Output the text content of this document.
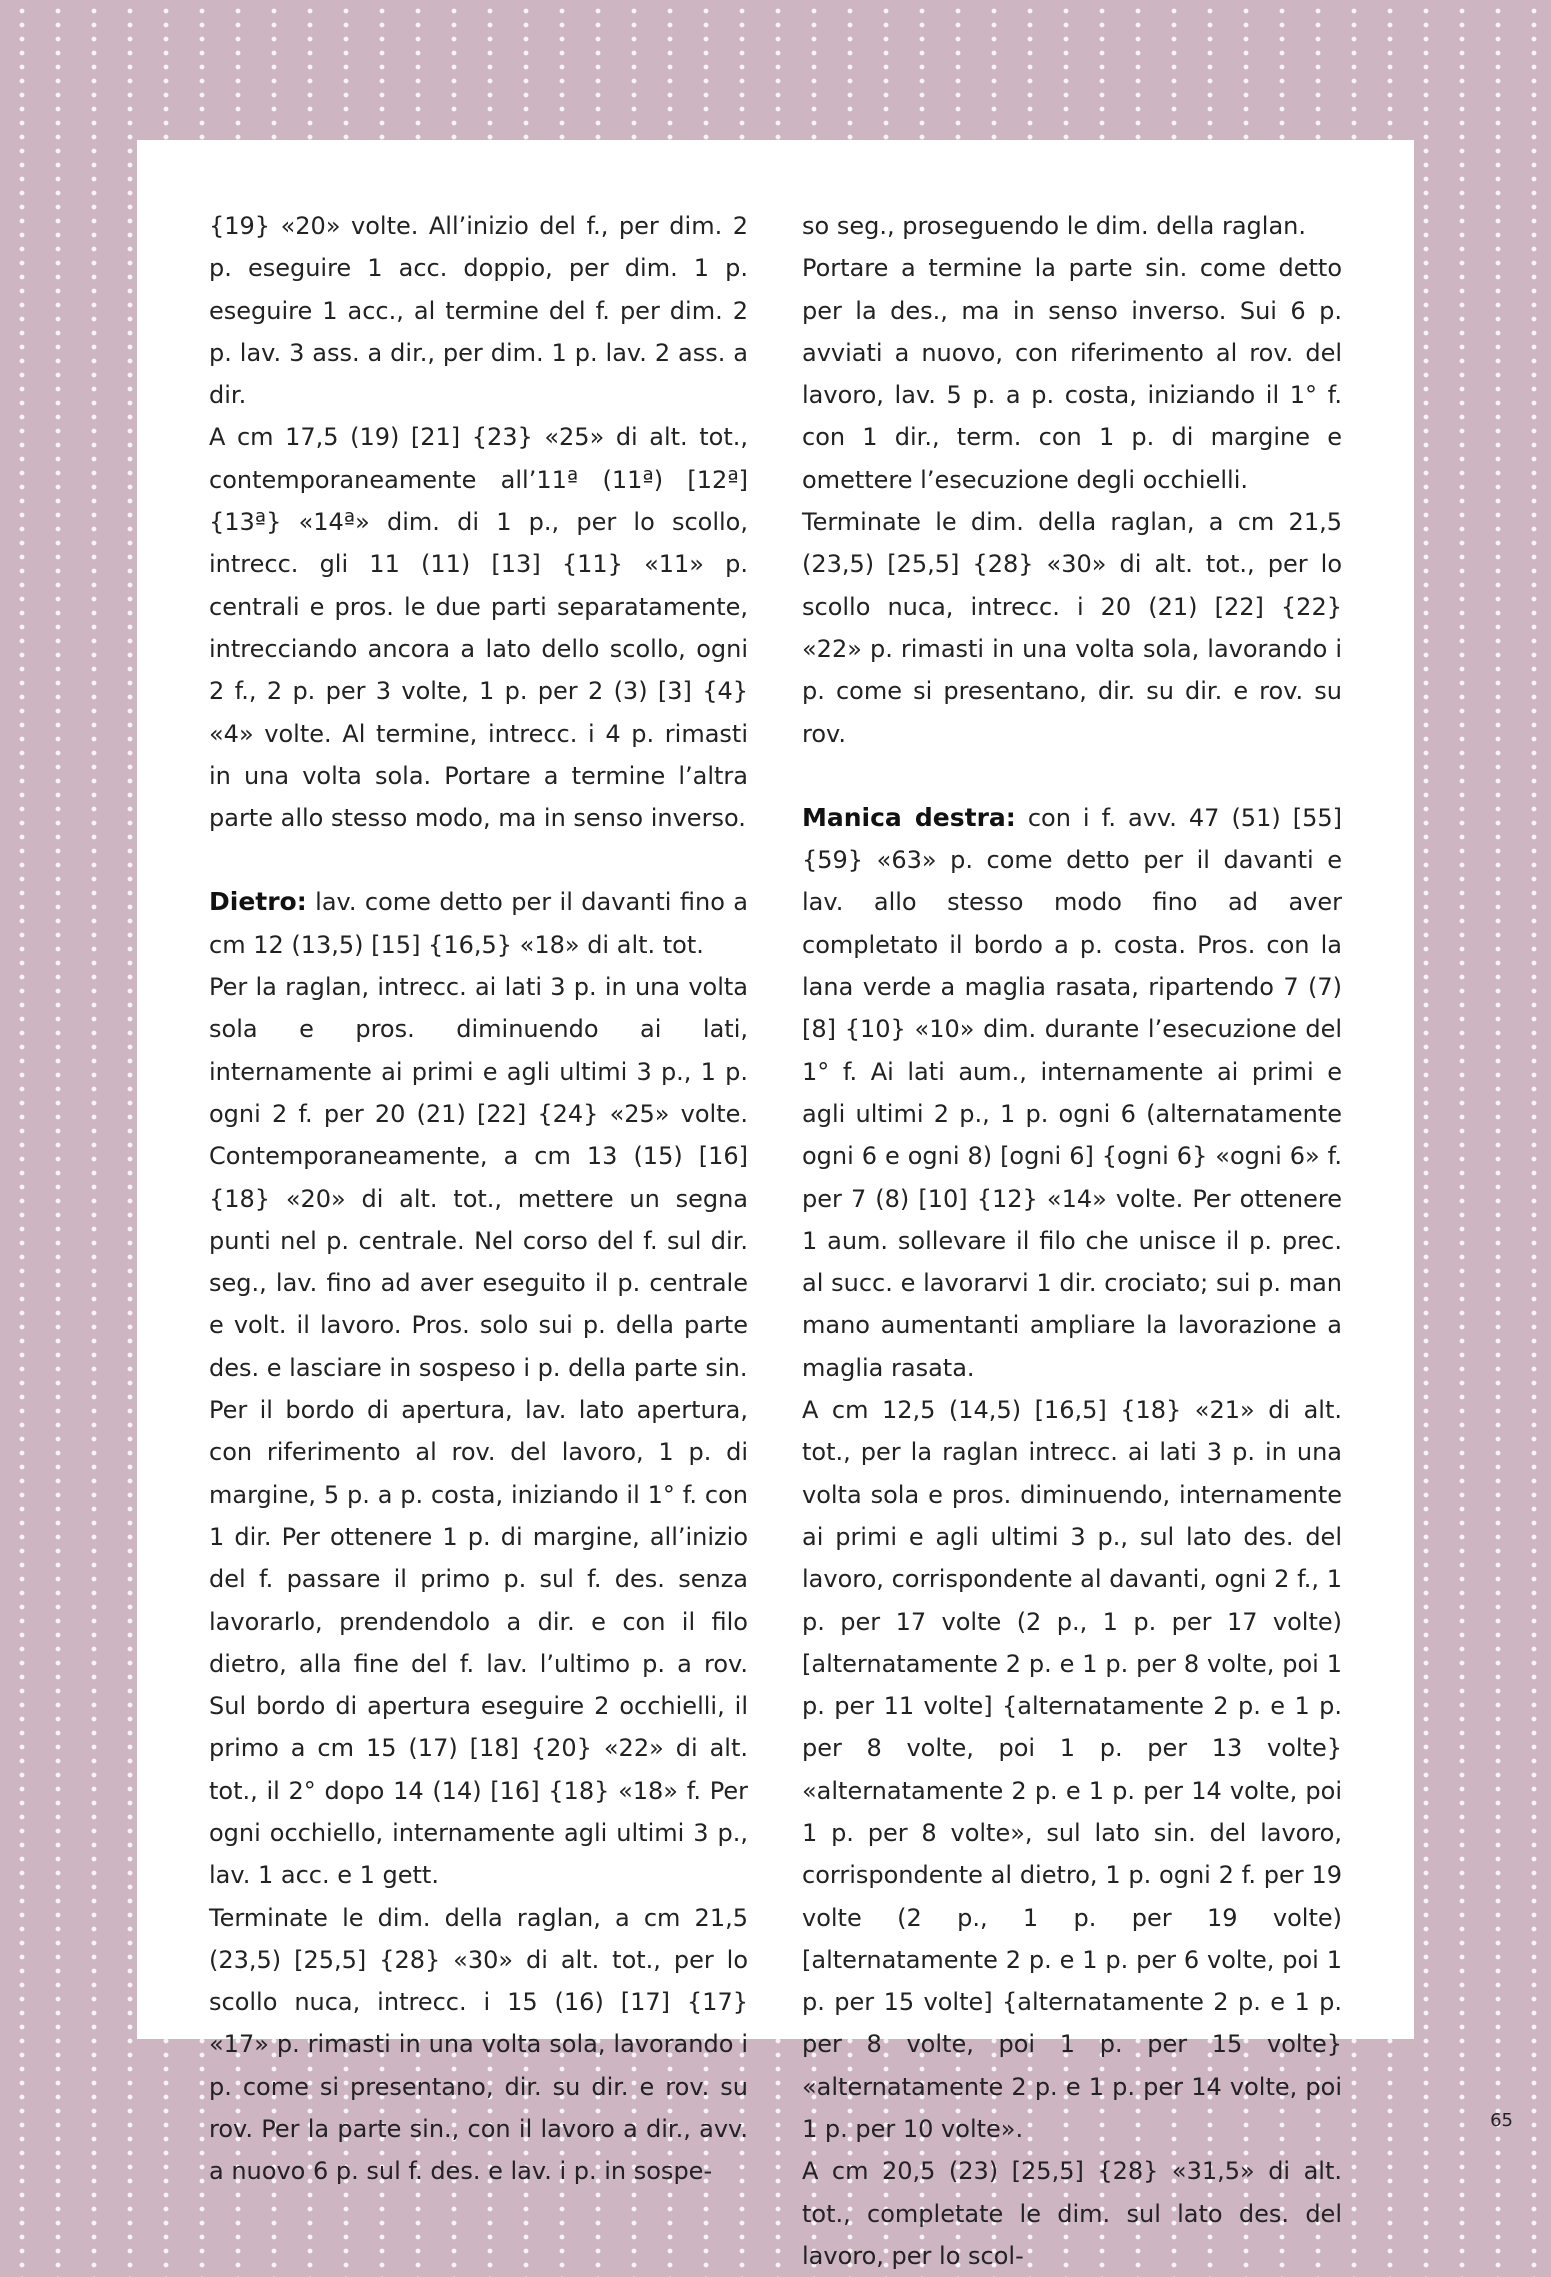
{19} «20» volte. All’inizio del f., per dim. 2 p. eseguire 1 acc. doppio, per dim. 1 p. eseguire 1 acc., al termine del f. per dim. 2 p. lav. 3 ass. a dir., per dim. 1 p. lav. 2 ass. a dir.

A cm 17,5 (19) [21] {23} «25» di alt. tot., contemporaneamente all’11ª (11ª) [12ª] {13ª} «14ª» dim. di 1 p., per lo scollo, intrecc. gli 11 (11) [13] {11} «11» p. centrali e pros. le due parti separatamente, intrecciando ancora a lato dello scollo, ogni 2 f., 2 p. per 3 volte, 1 p. per 2 (3) [3] {4} «4» volte. Al termine, intrecc. i 4 p. rimasti in una volta sola. Portare a termine l’altra parte allo stesso modo, ma in senso inverso.

Dietro: lav. come detto per il davanti fino a cm 12 (13,5) [15] {16,5} «18» di alt. tot.

Per la raglan, intrecc. ai lati 3 p. in una volta sola e pros. diminuendo ai lati, internamente ai primi e agli ultimi 3 p., 1 p. ogni 2 f. per 20 (21) [22] {24} «25» volte. Contemporaneamente, a cm 13 (15) [16] {18} «20» di alt. tot., mettere un segna punti nel p. centrale. Nel corso del f. sul dir. seg., lav. fino ad aver eseguito il p. centrale e volt. il lavoro. Pros. solo sui p. della parte des. e lasciare in sospeso i p. della parte sin.

Per il bordo di apertura, lav. lato apertura, con riferimento al rov. del lavoro, 1 p. di margine, 5 p. a p. costa, iniziando il 1° f. con 1 dir. Per ottenere 1 p. di margine, all’inizio del f. passare il primo p. sul f. des. senza lavorarlo, prendendolo a dir. e con il filo dietro, alla fine del f. lav. l’ultimo p. a rov. Sul bordo di apertura eseguire 2 occhielli, il primo a cm 15 (17) [18] {20} «22» di alt. tot., il 2° dopo 14 (14) [16] {18} «18» f. Per ogni occhiello, internamente agli ultimi 3 p., lav. 1 acc. e 1 gett.

Terminate le dim. della raglan, a cm 21,5 (23,5) [25,5] {28} «30» di alt. tot., per lo scollo nuca, intrecc. i 15 (16) [17] {17} «17» p. rimasti in una volta sola, lavorando i p. come si presentano, dir. su dir. e rov. su rov. Per la parte sin., con il lavoro a dir., avv. a nuovo 6 p. sul f. des. e lav. i p. in sospe-

so seg., proseguendo le dim. della raglan.

Portare a termine la parte sin. come detto per la des., ma in senso inverso. Sui 6 p. avviati a nuovo, con riferimento al rov. del lavoro, lav. 5 p. a p. costa, iniziando il 1° f. con 1 dir., term. con 1 p. di margine e omettere l’esecuzione degli occhielli.

Terminate le dim. della raglan, a cm 21,5 (23,5) [25,5] {28} «30» di alt. tot., per lo scollo nuca, intrecc. i 20 (21) [22] {22} «22» p. rimasti in una volta sola, lavorando i p. come si presentano, dir. su dir. e rov. su rov.

Manica destra: con i f. avv. 47 (51) [55] {59} «63» p. come detto per il davanti e lav. allo stesso modo fino ad aver completato il bordo a p. costa. Pros. con la lana verde a maglia rasata, ripartendo 7 (7) [8] {10} «10» dim. durante l’esecuzione del 1° f. Ai lati aum., internamente ai primi e agli ultimi 2 p., 1 p. ogni 6 (alternatamente ogni 6 e ogni 8) [ogni 6] {ogni 6} «ogni 6» f. per 7 (8) [10] {12} «14» volte. Per ottenere 1 aum. sollevare il filo che unisce il p. prec. al succ. e lavorarvi 1 dir. crociato; sui p. man mano aumentanti ampliare la lavorazione a maglia rasata.

A cm 12,5 (14,5) [16,5] {18} «21» di alt. tot., per la raglan intrecc. ai lati 3 p. in una volta sola e pros. diminuendo, internamente ai primi e agli ultimi 3 p., sul lato des. del lavoro, corrispondente al davanti, ogni 2 f., 1 p. per 17 volte (2 p., 1 p. per 17 volte) [alternatamente 2 p. e 1 p. per 8 volte, poi 1 p. per 11 volte] {alternatamente 2 p. e 1 p. per 8 volte, poi 1 p. per 13 volte} «alternatamente 2 p. e 1 p. per 14 volte, poi 1 p. per 8 volte», sul lato sin. del lavoro, corrispondente al dietro, 1 p. ogni 2 f. per 19 volte (2 p., 1 p. per 19 volte) [alternatamente 2 p. e 1 p. per 6 volte, poi 1 p. per 15 volte] {alternatamente 2 p. e 1 p. per 8 volte, poi 1 p. per 15 volte} «alternatamente 2 p. e 1 p. per 14 volte, poi 1 p. per 10 volte».

A cm 20,5 (23) [25,5] {28} «31,5» di alt. tot., completate le dim. sul lato des. del lavoro, per lo scol-

65
